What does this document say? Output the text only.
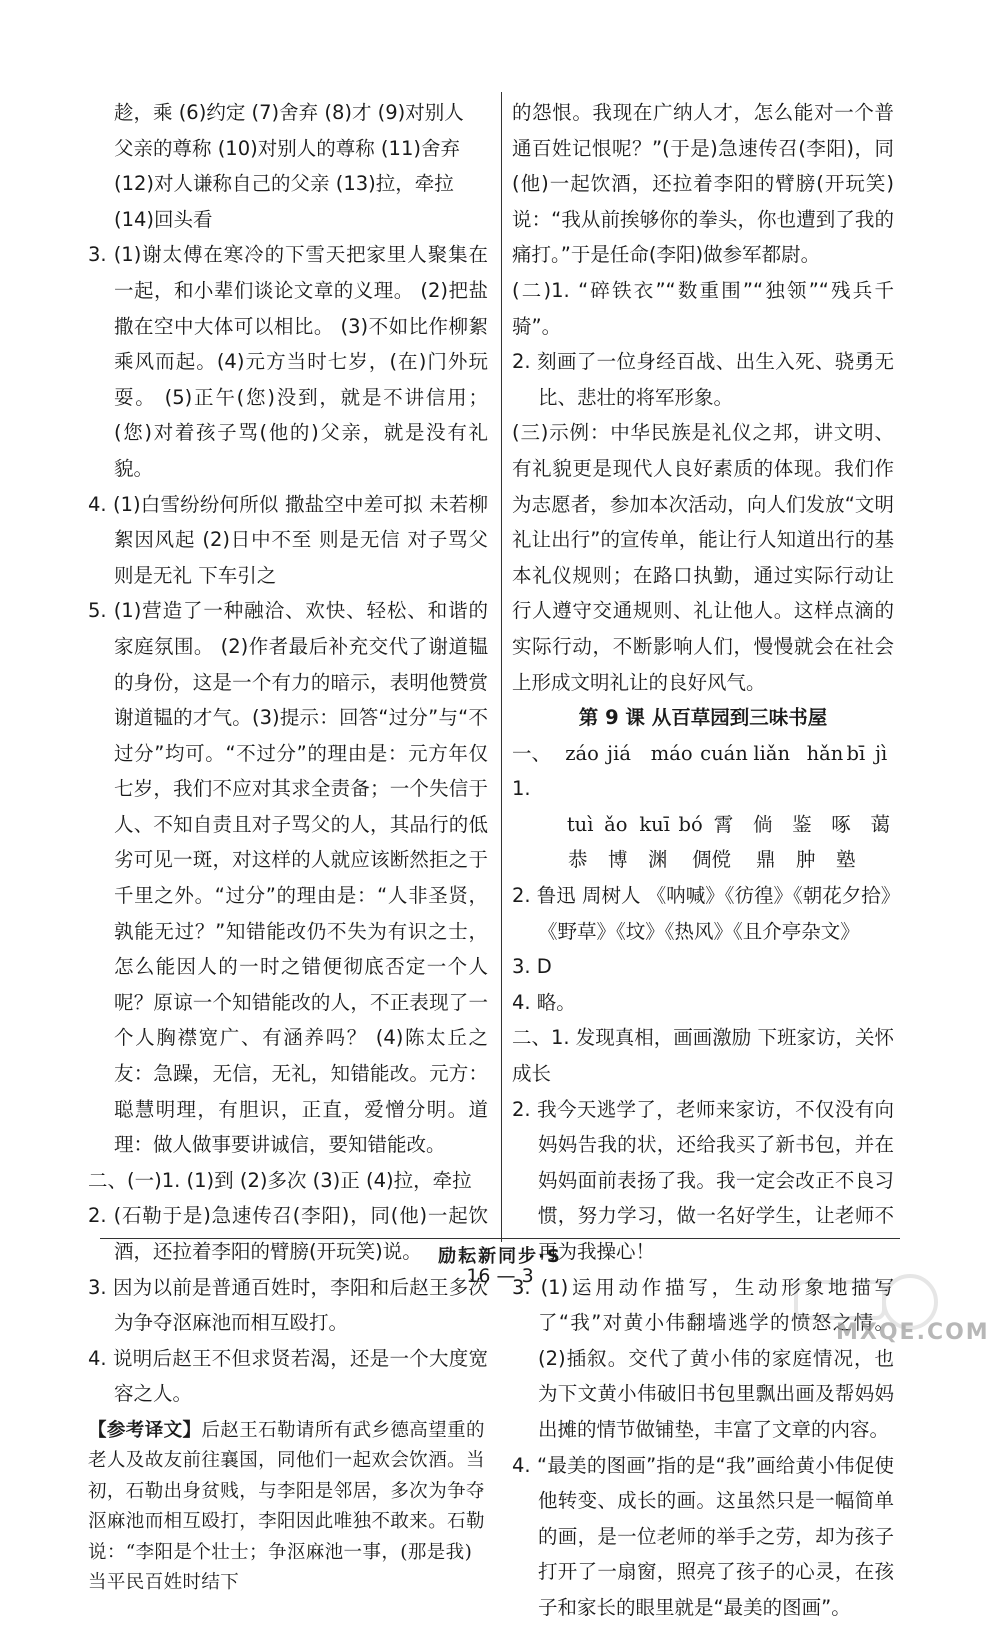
趁，乘 (6)约定 (7)舍弃 (8)才 (9)对别人

父亲的尊称 (10)对别人的尊称 (11)舍弃

(12)对人谦称自己的父亲 (13)拉，牵拉

(14)回头看

3. (1)谢太傅在寒冷的下雪天把家里人聚集在一起，和小辈们谈论文章的义理。 (2)把盐撒在空中大体可以相比。 (3)不如比作柳絮乘风而起。(4)元方当时七岁，(在)门外玩耍。 (5)正午(您)没到，就是不讲信用；(您)对着孩子骂(他的)父亲，就是没有礼貌。

4. (1)白雪纷纷何所似 撒盐空中差可拟 未若柳絮因风起 (2)日中不至 则是无信 对子骂父则是无礼 下车引之

5. (1)营造了一种融洽、欢快、轻松、和谐的家庭氛围。 (2)作者最后补充交代了谢道韫的身份，这是一个有力的暗示，表明他赞赏谢道韫的才气。(3)提示：回答“过分”与“不过分”均可。“不过分”的理由是：元方年仅七岁，我们不应对其求全责备；一个失信于人、不知自责且对子骂父的人，其品行的低劣可见一斑，对这样的人就应该断然拒之于千里之外。“过分”的理由是：“人非圣贤，孰能无过？”知错能改仍不失为有识之士，怎么能因人的一时之错便彻底否定一个人呢？原谅一个知错能改的人，不正表现了一个人胸襟宽广、有涵养吗？ (4)陈太丘之友：急躁，无信，无礼，知错能改。元方：聪慧明理，有胆识，正直，爱憎分明。道理：做人做事要讲诚信，要知错能改。

二、(一)1. (1)到 (2)多次 (3)正 (4)拉，牵拉

2. (石勒于是)急速传召(李阳)，同(他)一起饮酒，还拉着李阳的臂膀(开玩笑)说。

3. 因为以前是普通百姓时，李阳和后赵王多次为争夺沤麻池而相互殴打。

4. 说明后赵王不但求贤若渴，还是一个大度宽容之人。

【参考译文】后赵王石勒请所有武乡德高望重的老人及故友前往襄国，同他们一起欢会饮酒。当初，石勒出身贫贱，与李阳是邻居，多次为争夺沤麻池而相互殴打，李阳因此唯独不敢来。石勒说：“李阳是个壮士；争沤麻池一事，(那是我)当平民百姓时结下

的怨恨。我现在广纳人才，怎么能对一个普通百姓记恨呢？”(于是)急速传召(李阳)，同(他)一起饮酒，还拉着李阳的臂膀(开玩笑)说：“我从前挨够你的拳头，你也遭到了我的痛打。”于是任命(李阳)做参军都尉。

(二)1. “碎铁衣”“数重围”“独领”“残兵千骑”。

2. 刻画了一位身经百战、出生入死、骁勇无比、悲壮的将军形象。

(三)示例：中华民族是礼仪之邦，讲文明、有礼貌更是现代人良好素质的体现。我们作为志愿者，参加本次活动，向人们发放“文明礼让出行”的宣传单，能让行人知道出行的基本礼仪规则；在路口执勤，通过实际行动让行人遵守交通规则、礼让他人。这样点滴的实际行动，不断影响人们，慢慢就会在社会上形成文明礼让的良好风气。

第 9 课 从百草园到三味书屋

一、1.
záo jiá	máo cuán liǎn hǎn bī jì
tuì ǎo kuī bó 霄	倘	鉴	啄	蔼
恭	博	渊	倜傥	鼎	肿	塾

2. 鲁迅 周树人 《呐喊》《彷徨》《朝花夕拾》

《野草》《坟》《热风》《且介亭杂文》

3. D

4. 略。

二、1. 发现真相，画画激励 下班家访，关怀成长

2. 我今天逃学了，老师来家访，不仅没有向妈妈告我的状，还给我买了新书包，并在妈妈面前表扬了我。我一定会改正不良习惯，努力学习，做一名好学生，让老师不再为我操心！

3. (1)运用动作描写，生动形象地描写了“我”对黄小伟翻墙逃学的愤怒之情。 (2)插叙。交代了黄小伟的家庭情况，也为下文黄小伟破旧书包里飘出画及帮妈妈出摊的情节做铺垫，丰富了文章的内容。

4. “最美的图画”指的是“我”画给黄小伟促使他转变、成长的画。这虽然只是一幅简单的画，是一位老师的举手之劳，却为孩子打开了一扇窗，照亮了孩子的心灵，在孩子和家长的眼里就是“最美的图画”。

励耘新同步·S
16 — 3
MXQE.COM
